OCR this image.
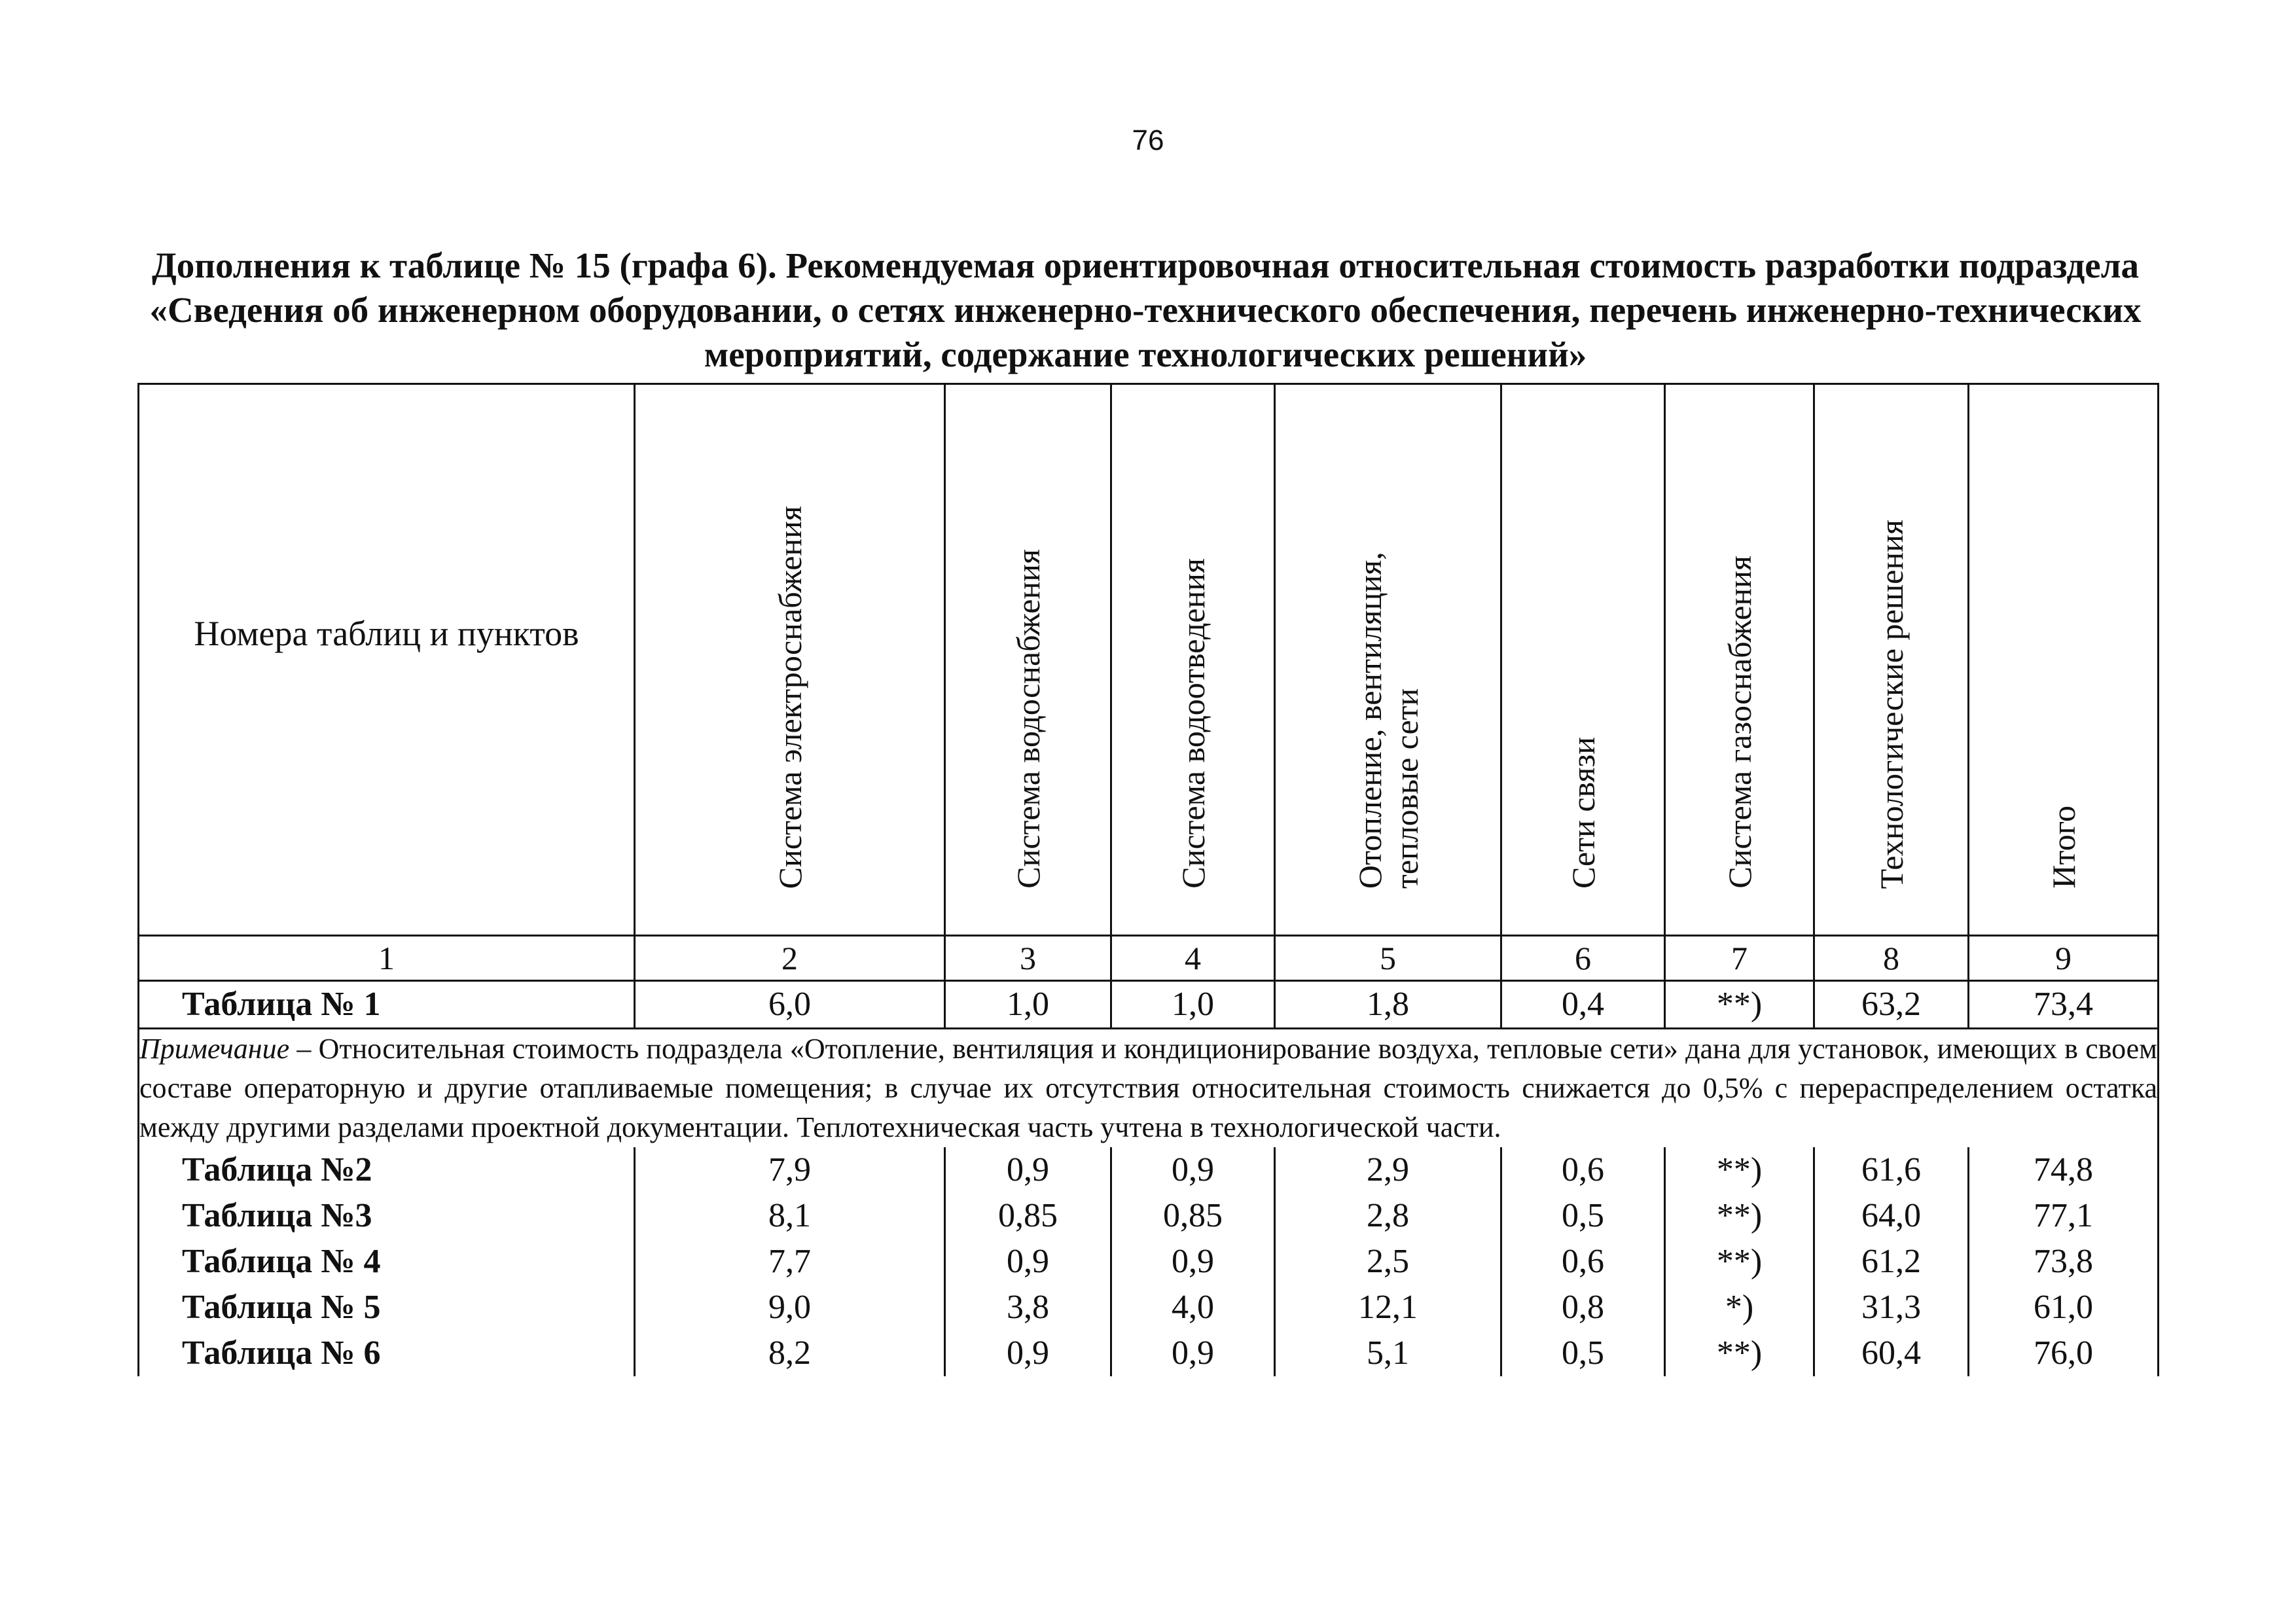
76
Дополнения к таблице № 15 (графа 6). Рекомендуемая ориентировочная относительная стоимость разработки подраздела «Сведения об инженерном оборудовании, о сетях инженерно-технического обеспечения, перечень инженерно-технических мероприятий, содержание технологических решений»
Номера таблиц и пунктов	Система электроснабжения	Система водоснабжения	Система водоотведения	Отопление, вентиляция, тепловые сети	Сети связи	Система газоснабжения	Технологические решения	Итого

1	2	3	4	5	6	7	8	9
Таблица № 1	6,0	1,0	1,0	1,8	0,4	**)	63,2	73,4
Примечание – Относительная стоимость подраздела «Отопление, вентиляция и кондиционирование воздуха, тепловые сети» дана для установок, имеющих в своем составе операторную и другие отапливаемые помещения; в случае их отсутствия относительная стоимость снижается до 0,5% с перераспределением остатка между другими разделами проектной документации. Теплотехническая часть учтена в технологической части.								
Таблица №2	7,9	0,9	0,9	2,9	0,6	**)	61,6	74,8
Таблица №3	8,1	0,85	0,85	2,8	0,5	**)	64,0	77,1
Таблица № 4	7,7	0,9	0,9	2,5	0,6	**)	61,2	73,8
Таблица № 5	9,0	3,8	4,0	12,1	0,8	*)	31,3	61,0
Таблица № 6	8,2	0,9	0,9	5,1	0,5	**)	60,4	76,0
